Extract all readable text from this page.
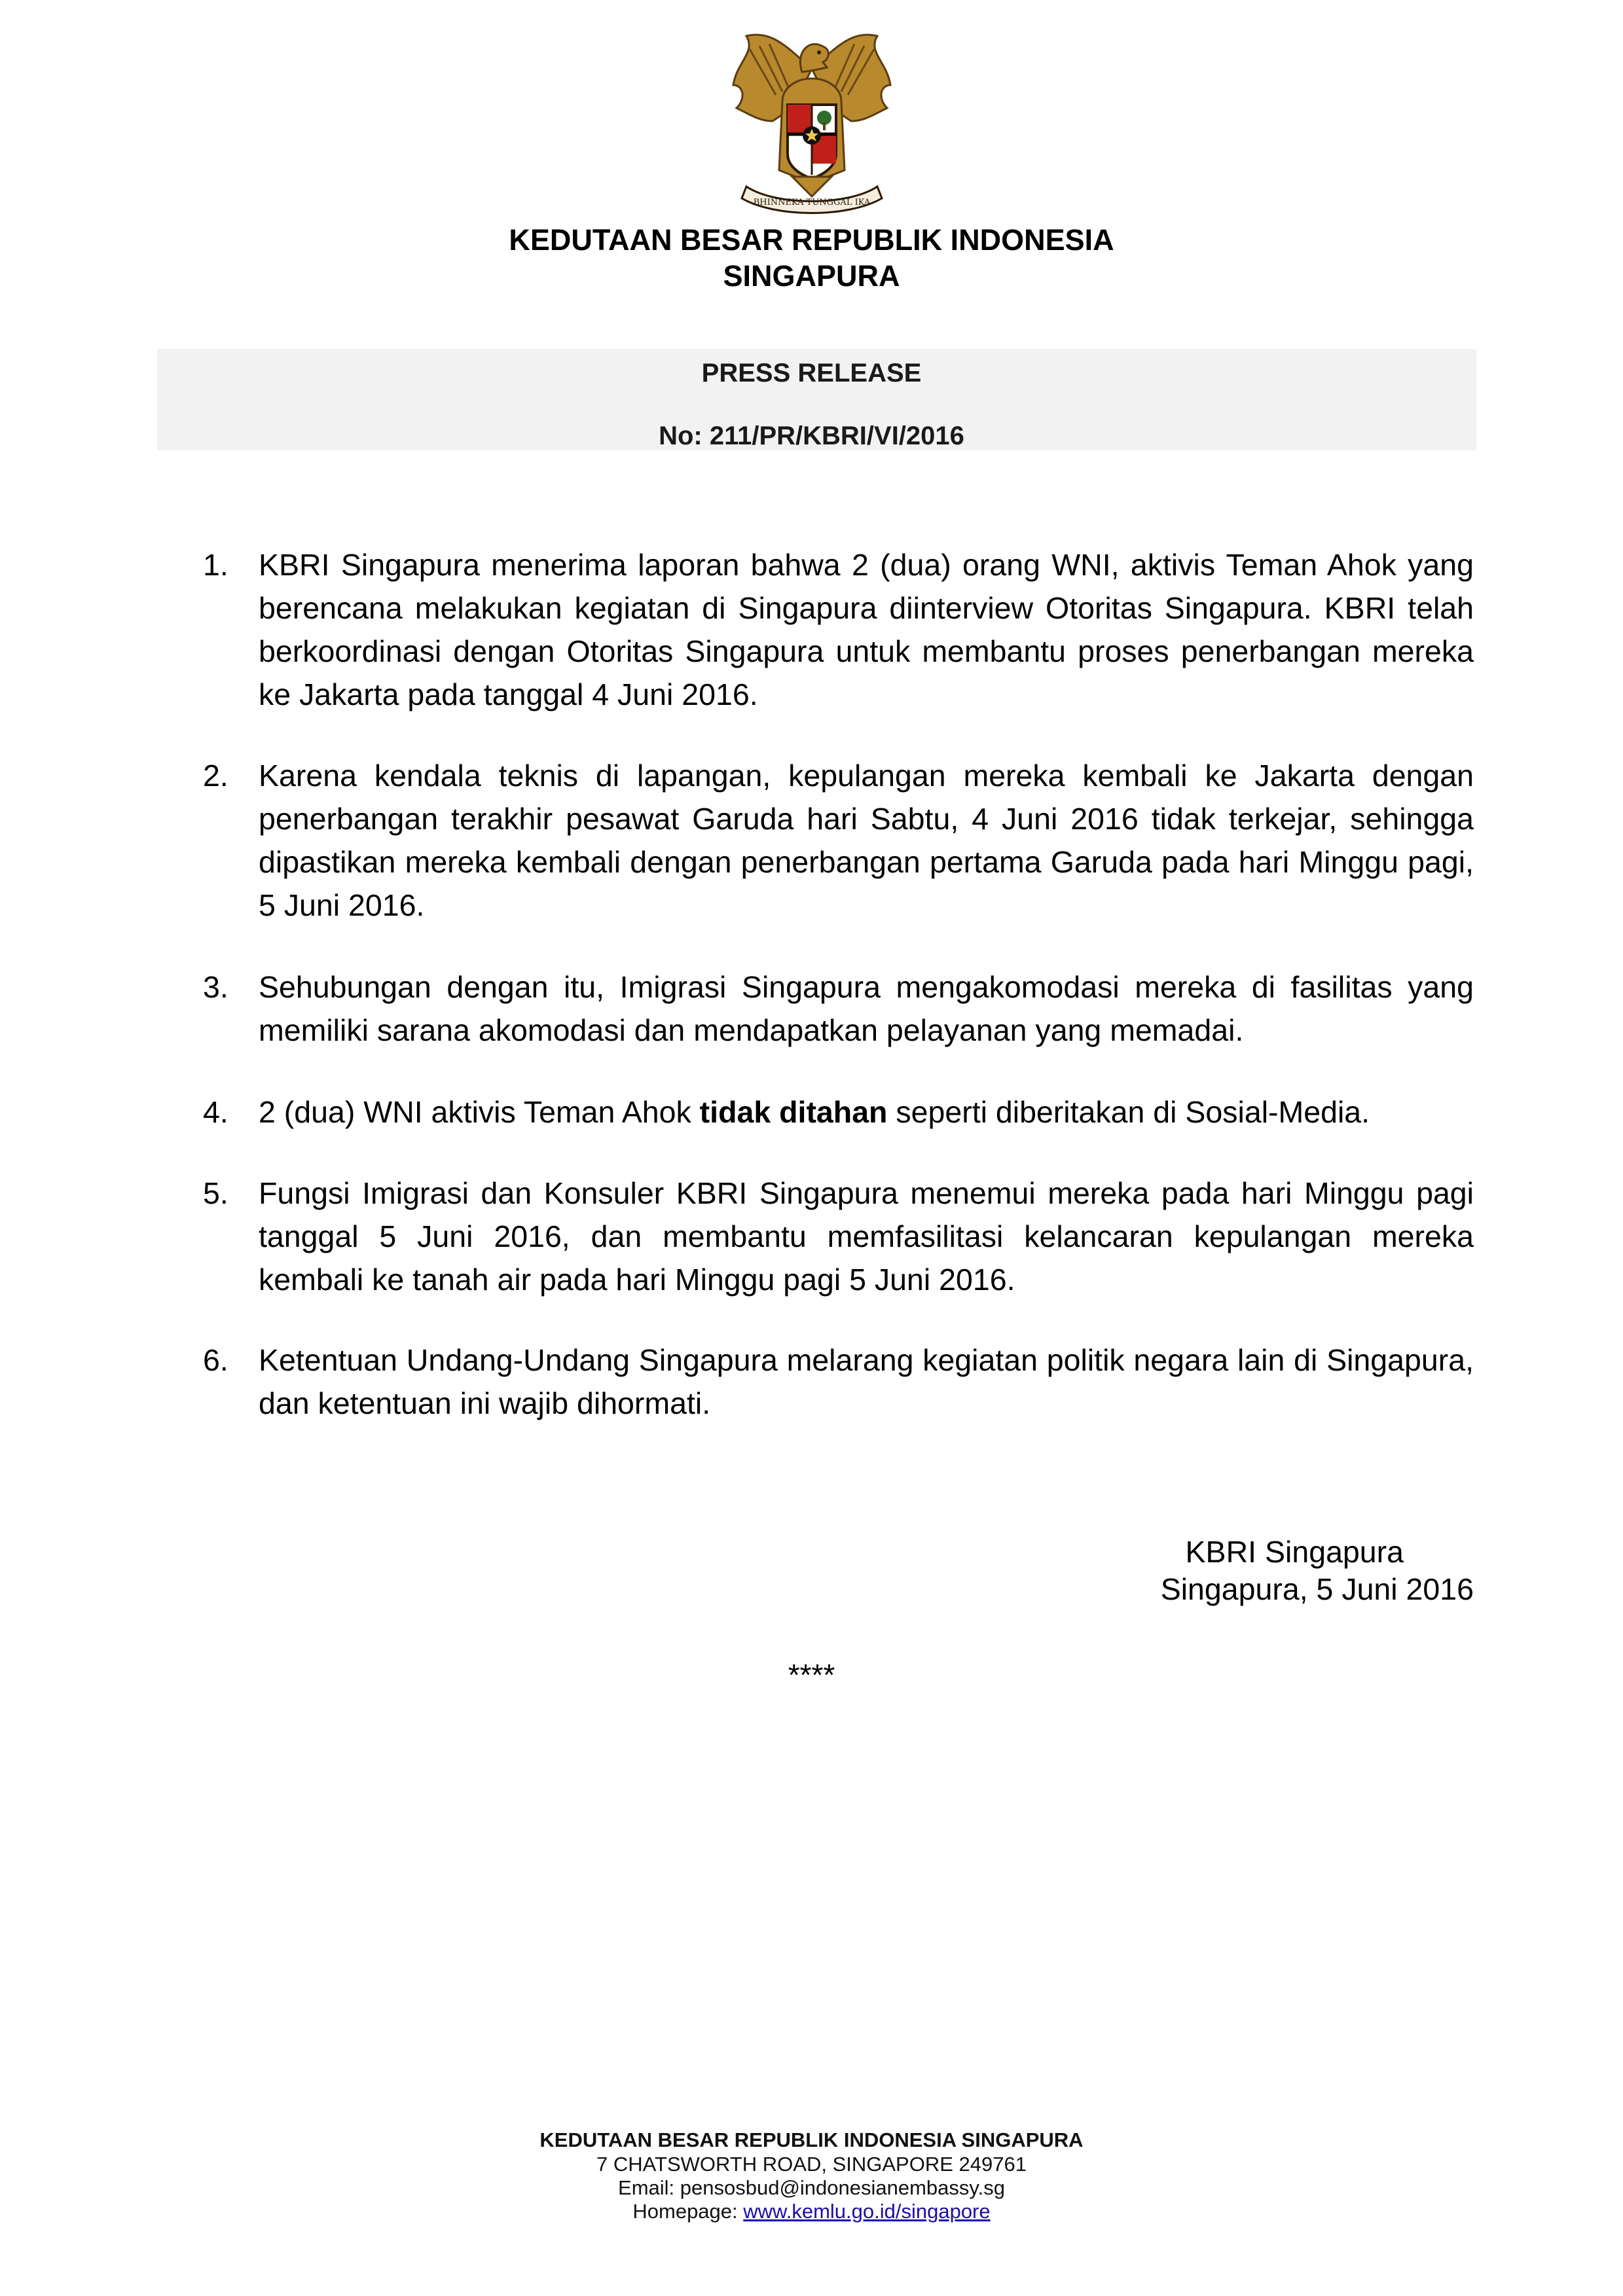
BHINNEKA TUNGGAL IKA
KEDUTAAN BESAR REPUBLIK INDONESIA
SINGAPURA
PRESS RELEASE
No: 211/PR/KBRI/VI/2016
1. KBRI Singapura menerima laporan bahwa 2 (dua) orang WNI, aktivis Teman Ahok yang berencana melakukan kegiatan di Singapura diinterview Otoritas Singapura. KBRI telah berkoordinasi dengan Otoritas Singapura untuk membantu proses penerbangan mereka ke Jakarta pada tanggal 4 Juni 2016.
2. Karena kendala teknis di lapangan, kepulangan mereka kembali ke Jakarta dengan penerbangan terakhir pesawat Garuda hari Sabtu, 4 Juni 2016 tidak terkejar, sehingga dipastikan mereka kembali dengan penerbangan pertama Garuda pada hari Minggu pagi, 5 Juni 2016.
3. Sehubungan dengan itu, Imigrasi Singapura mengakomodasi mereka di fasilitas yang memiliki sarana akomodasi dan mendapatkan pelayanan yang memadai.
4. 2 (dua) WNI aktivis Teman Ahok tidak ditahan seperti diberitakan di Sosial-Media.
5. Fungsi Imigrasi dan Konsuler KBRI Singapura menemui mereka pada hari Minggu pagi tanggal 5 Juni 2016, dan membantu memfasilitasi kelancaran kepulangan mereka kembali ke tanah air pada hari Minggu pagi 5 Juni 2016.
6. Ketentuan Undang-Undang Singapura melarang kegiatan politik negara lain di Singapura, dan ketentuan ini wajib dihormati.
KBRI Singapura
Singapura, 5 Juni 2016
****
KEDUTAAN BESAR REPUBLIK INDONESIA SINGAPURA
7 CHATSWORTH ROAD, SINGAPORE 249761
Email: pensosbud@indonesianembassy.sg
Homepage: www.kemlu.go.id/singapore
